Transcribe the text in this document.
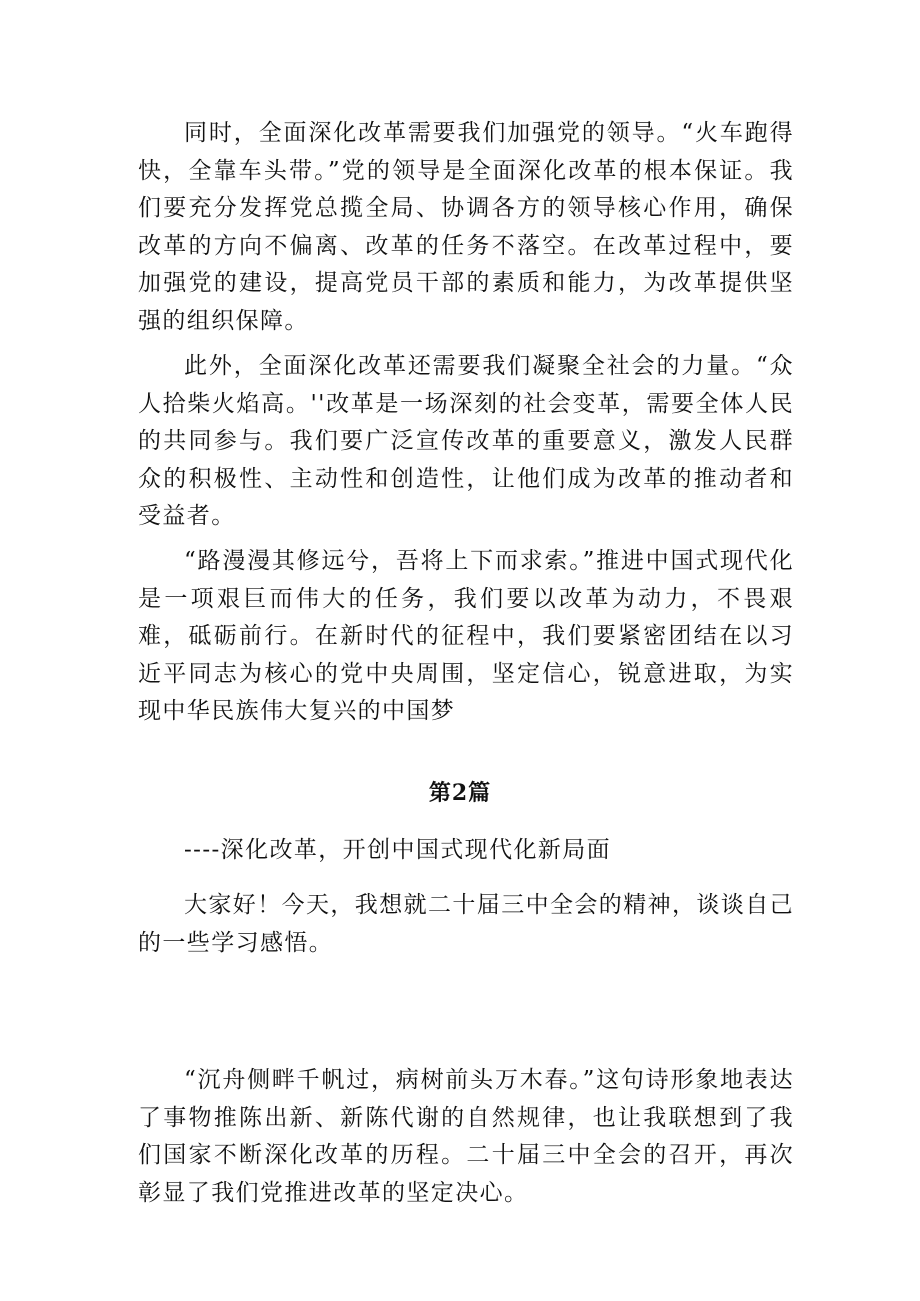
同时，全面深化改革需要我们加强党的领导。“火车跑得快，全靠车头带。”党的领导是全面深化改革的根本保证。我们要充分发挥党总揽全局、协调各方的领导核心作用，确保改革的方向不偏离、改革的任务不落空。在改革过程中，要加强党的建设，提高党员干部的素质和能力，为改革提供坚强的组织保障。

此外，全面深化改革还需要我们凝聚全社会的力量。“众人拾柴火焰高。''改革是一场深刻的社会变革，需要全体人民的共同参与。我们要广泛宣传改革的重要意义，激发人民群众的积极性、主动性和创造性，让他们成为改革的推动者和受益者。

“路漫漫其修远兮，吾将上下而求索。”推进中国式现代化是一项艰巨而伟大的任务，我们要以改革为动力，不畏艰难，砥砺前行。在新时代的征程中，我们要紧密团结在以习近平同志为核心的党中央周围，坚定信心，锐意进取，为实现中华民族伟大复兴的中国梦

第2篇

----深化改革，开创中国式现代化新局面

大家好！今天，我想就二十届三中全会的精神，谈谈自己的一些学习感悟。

“沉舟侧畔千帆过，病树前头万木春。”这句诗形象地表达了事物推陈出新、新陈代谢的自然规律，也让我联想到了我们国家不断深化改革的历程。二十届三中全会的召开，再次彰显了我们党推进改革的坚定决心。
